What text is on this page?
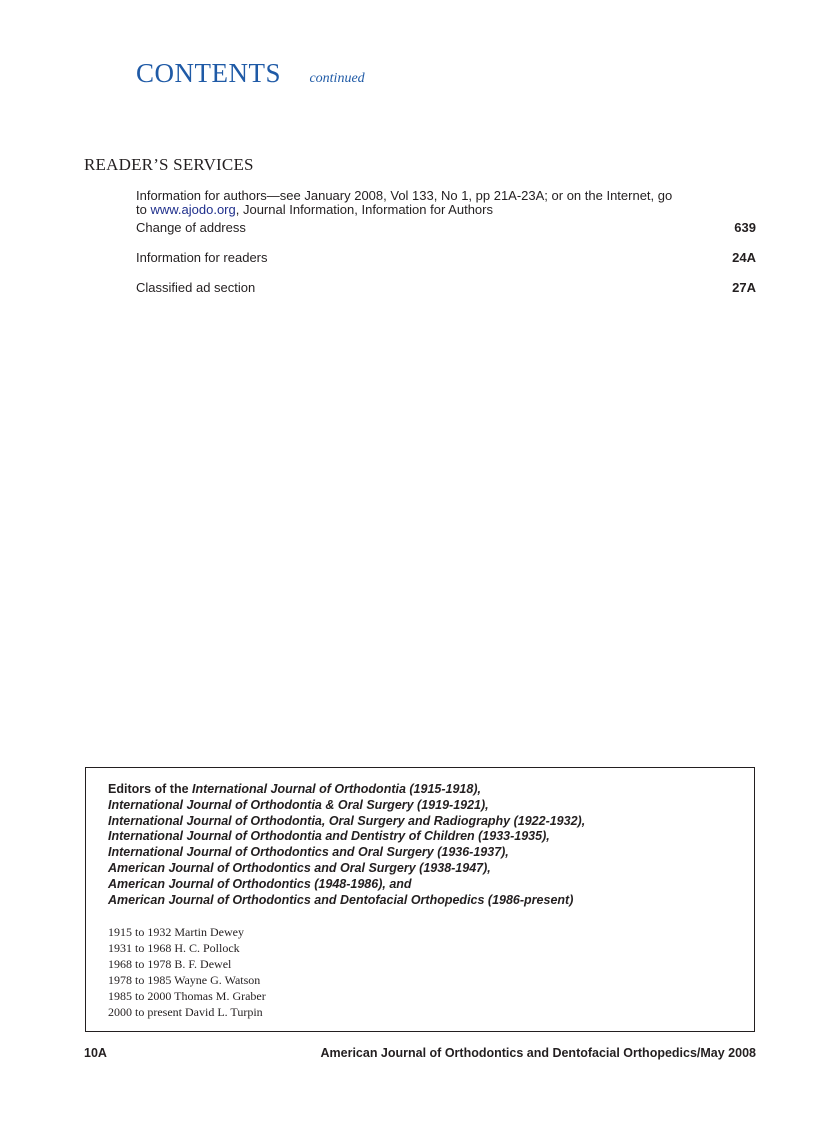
CONTENTS continued
READER’S SERVICES
Information for authors—see January 2008, Vol 133, No 1, pp 21A-23A; or on the Internet, go
to www.ajodo.org, Journal Information, Information for Authors
Change of address	639
Information for readers	24A
Classified ad section	27A
Editors of the International Journal of Orthodontia (1915-1918),
International Journal of Orthodontia & Oral Surgery (1919-1921),
International Journal of Orthodontia, Oral Surgery and Radiography (1922-1932),
International Journal of Orthodontia and Dentistry of Children (1933-1935),
International Journal of Orthodontics and Oral Surgery (1936-1937),
American Journal of Orthodontics and Oral Surgery (1938-1947),
American Journal of Orthodontics (1948-1986), and
American Journal of Orthodontics and Dentofacial Orthopedics (1986-present)
1915 to 1932 Martin Dewey
1931 to 1968 H. C. Pollock
1968 to 1978 B. F. Dewel
1978 to 1985 Wayne G. Watson
1985 to 2000 Thomas M. Graber
2000 to present David L. Turpin
10A	American Journal of Orthodontics and Dentofacial Orthopedics/May 2008
